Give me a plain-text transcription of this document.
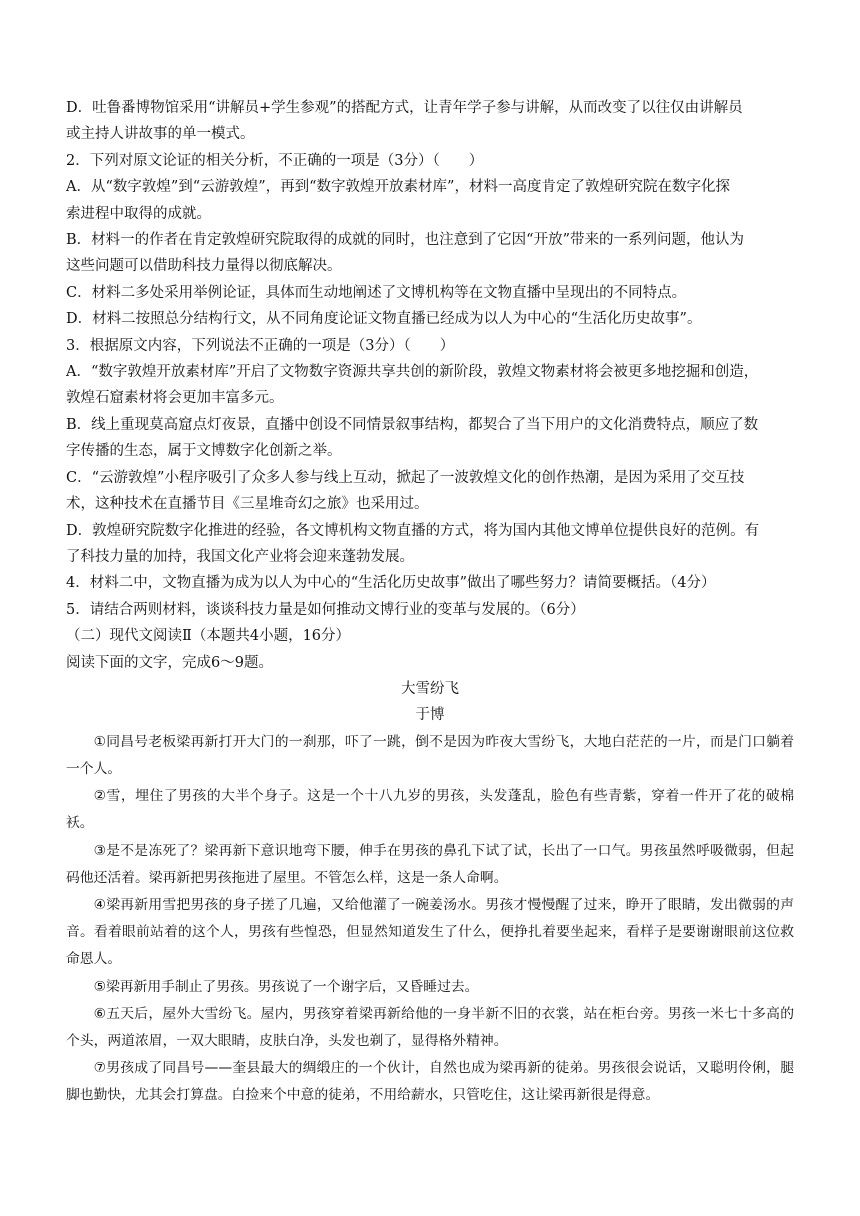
D．吐鲁番博物馆采用“讲解员+学生参观”的搭配方式，让青年学子参与讲解，从而改变了以往仅由讲解员
或主持人讲故事的单一模式。
2．下列对原文论证的相关分析，不正确的一项是（3分）（　　）
A．从“数字敦煌”到“云游敦煌”，再到“数字敦煌开放素材库”，材料一高度肯定了敦煌研究院在数字化探
索进程中取得的成就。
B．材料一的作者在肯定敦煌研究院取得的成就的同时，也注意到了它因“开放”带来的一系列问题，他认为
这些问题可以借助科技力量得以彻底解决。
C．材料二多处采用举例论证，具体而生动地阐述了文博机构等在文物直播中呈现出的不同特点。
D．材料二按照总分结构行文，从不同角度论证文物直播已经成为以人为中心的“生活化历史故事”。
3．根据原文内容，下列说法不正确的一项是（3分）（　　）
A．“数字敦煌开放素材库”开启了文物数字资源共享共创的新阶段，敦煌文物素材将会被更多地挖掘和创造，
敦煌石窟素材将会更加丰富多元。
B．线上重现莫高窟点灯夜景，直播中创设不同情景叙事结构，都契合了当下用户的文化消费特点，顺应了数
字传播的生态，属于文博数字化创新之举。
C．“云游敦煌”小程序吸引了众多人参与线上互动，掀起了一波敦煌文化的创作热潮，是因为采用了交互技
术，这种技术在直播节目《三星堆奇幻之旅》也采用过。
D．敦煌研究院数字化推进的经验，各文博机构文物直播的方式，将为国内其他文博单位提供良好的范例。有
了科技力量的加持，我国文化产业将会迎来蓬勃发展。
4．材料二中，文物直播为成为以人为中心的“生活化历史故事”做出了哪些努力？请简要概括。（4分）
5．请结合两则材料，谈谈科技力量是如何推动文博行业的变革与发展的。（6分）
（二）现代文阅读Ⅱ（本题共4小题，16分）
阅读下面的文字，完成6～9题。
大雪纷飞
于博

①同昌号老板梁再新打开大门的一刹那，吓了一跳，倒不是因为昨夜大雪纷飞，大地白茫茫的一片，而是门口躺着一个人。

②雪，埋住了男孩的大半个身子。这是一个十八九岁的男孩，头发蓬乱，脸色有些青紫，穿着一件开了花的破棉袄。

③是不是冻死了？梁再新下意识地弯下腰，伸手在男孩的鼻孔下试了试，长出了一口气。男孩虽然呼吸微弱，但起码他还活着。梁再新把男孩拖进了屋里。不管怎么样，这是一条人命啊。

④梁再新用雪把男孩的身子搓了几遍，又给他灌了一碗姜汤水。男孩才慢慢醒了过来，睁开了眼睛，发出微弱的声音。看着眼前站着的这个人，男孩有些惶恐，但显然知道发生了什么，便挣扎着要坐起来，看样子是要谢谢眼前这位救命恩人。

⑤梁再新用手制止了男孩。男孩说了一个谢字后，又昏睡过去。

⑥五天后，屋外大雪纷飞。屋内，男孩穿着梁再新给他的一身半新不旧的衣裳，站在柜台旁。男孩一米七十多高的个头，两道浓眉，一双大眼睛，皮肤白净，头发也剃了，显得格外精神。

⑦男孩成了同昌号——奎县最大的绸缎庄的一个伙计，自然也成为梁再新的徒弟。男孩很会说话，又聪明伶俐，腿脚也勤快，尤其会打算盘。白捡来个中意的徒弟，不用给薪水，只管吃住，这让梁再新很是得意。
